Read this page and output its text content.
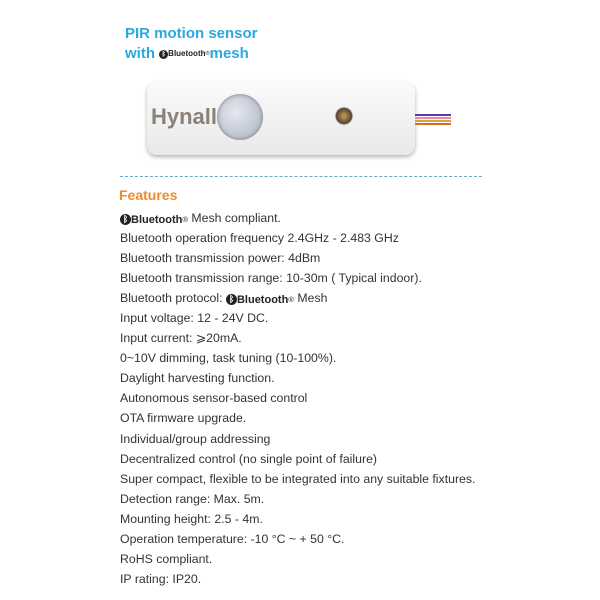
PIR motion sensor
with	ᛒ Bluetooth ® mesh
Hynall
Features
ᛒ Bluetooth ® Mesh compliant.
Bluetooth operation frequency 2.4GHz - 2.483 GHz
Bluetooth transmission power: 4dBm
Bluetooth transmission range: 10-30m ( Typical indoor).
Bluetooth protocol: ᛒ Bluetooth ® Mesh
Input voltage: 12 - 24V DC.
Input current: ⩾20mA.
0~10V dimming, task tuning (10-100%).
Daylight harvesting function.
Autonomous sensor-based control
OTA firmware upgrade.
Individual/group addressing
Decentralized control (no single point of failure)
Super compact, flexible to be integrated into any suitable fixtures.
Detection range: Max. 5m.
Mounting height: 2.5 - 4m.
Operation temperature: -10 °C ~ + 50 °C.
RoHS compliant.
IP rating: IP20.
